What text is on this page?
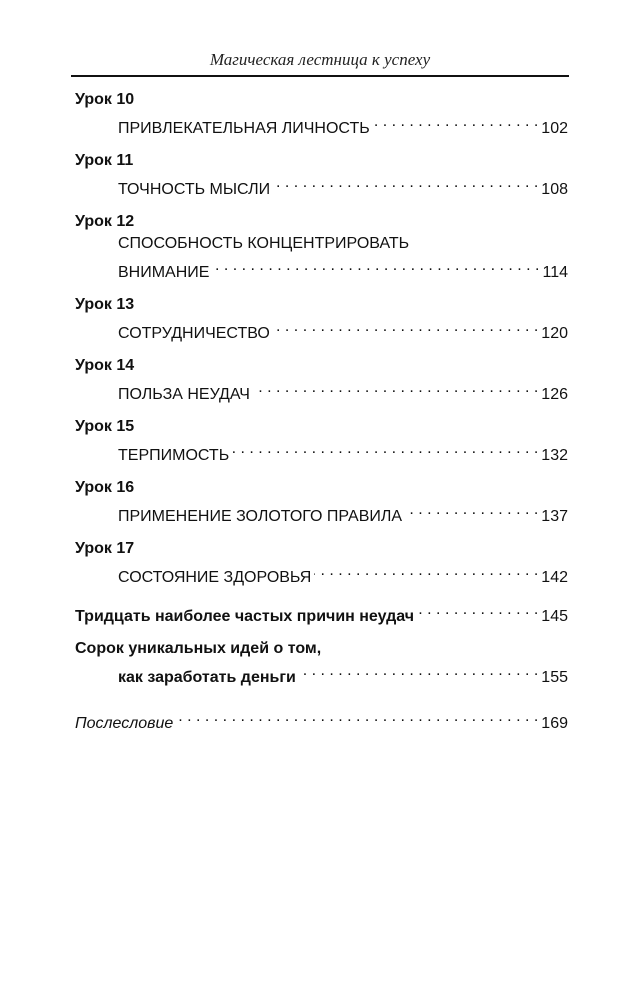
Магическая лестница к успеху
Урок 10
ПРИВЛЕКАТЕЛЬНАЯ ЛИЧНОСТЬ . . .	102
Урок 11
ТОЧНОСТЬ МЫСЛИ . . .	108
Урок 12
СПОСОБНОСТЬ КОНЦЕНТРИРОВАТЬ
ВНИМАНИЕ . . .	114
Урок 13
СОТРУДНИЧЕСТВО . . .	120
Урок 14
ПОЛЬЗА НЕУДАЧ . . .	126
Урок 15
ТЕРПИМОСТЬ . . .	132
Урок 16
ПРИМЕНЕНИЕ ЗОЛОТОГО ПРАВИЛА . . .	137
Урок 17
СОСТОЯНИЕ ЗДОРОВЬЯ . . .	142
Тридцать наиболее частых причин неудач . . .	145
Сорок уникальных идей о том,
как заработать деньги . . .	155
Послесловие . . .	169
